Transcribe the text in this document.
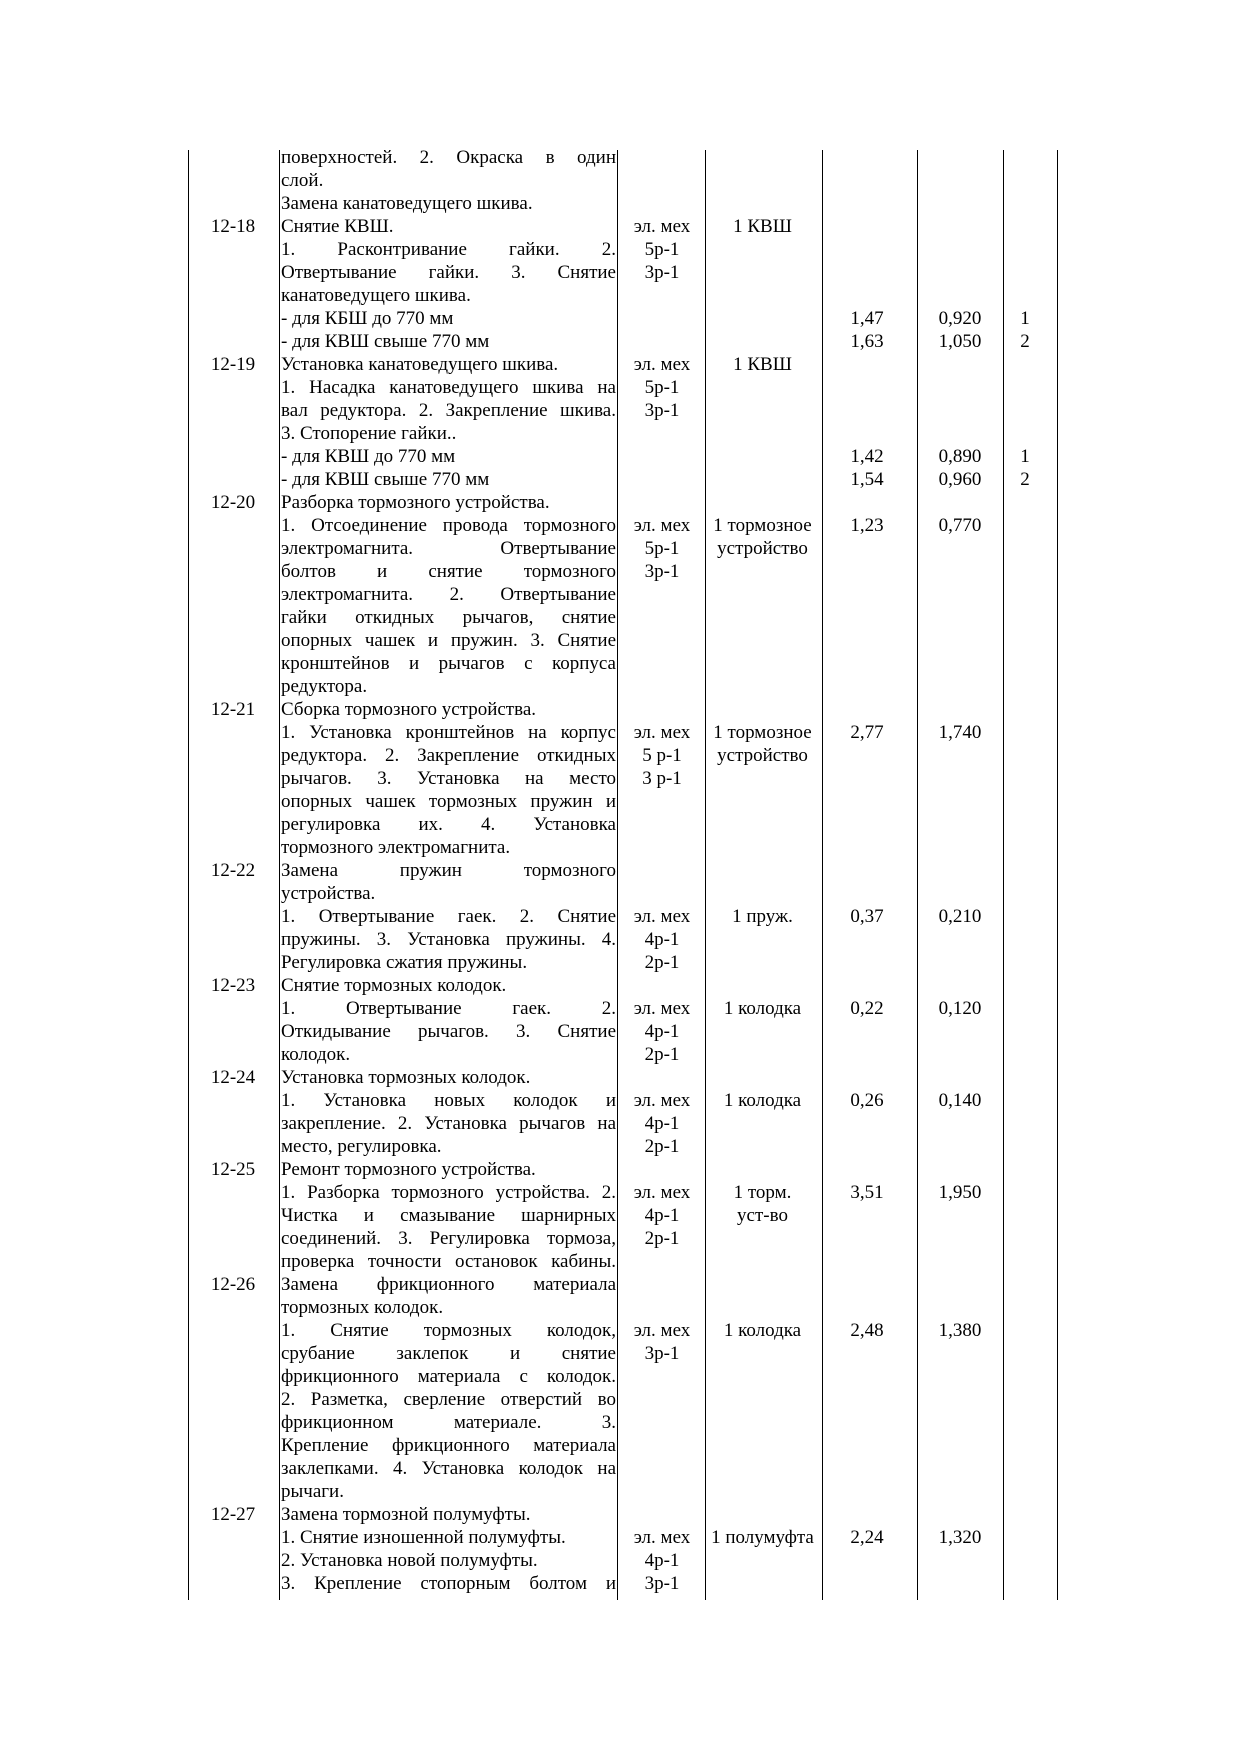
12-18
12-19
12-20
12-21
12-22
12-23
12-24
12-25
12-26
12-27
поверхностей. 2. Окраска в один
слой.
Замена канатоведущего шкива.
Снятие КВШ.
1. Расконтривание гайки. 2.
Отвертывание гайки. 3. Снятие
канатоведущего шкива.
- для КБШ до 770 мм
- для КВШ свыше 770 мм
Установка канатоведущего шкива.
1. Насадка канатоведущего шкива на
вал редуктора. 2. Закрепление шкива.
3. Стопорение гайки..
- для КВШ до 770 мм
- для КВШ свыше 770 мм
Разборка тормозного устройства.
1. Отсоединение провода тормозного
электромагнита. Отвертывание
болтов и снятие тормозного
электромагнита. 2. Отвертывание
гайки откидных рычагов, снятие
опорных чашек и пружин. 3. Снятие
кронштейнов и рычагов с корпуса
редуктора.
Сборка тормозного устройства.
1. Установка кронштейнов на корпус
редуктора. 2. Закрепление откидных
рычагов. 3. Установка на место
опорных чашек тормозных пружин и
регулировка их. 4. Установка
тормозного электромагнита.
Замена пружин тормозного
устройства.
1. Отвертывание гаек. 2. Снятие
пружины. 3. Установка пружины. 4.
Регулировка сжатия пружины.
Снятие тормозных колодок.
1. Отвертывание гаек. 2.
Откидывание рычагов. 3. Снятие
колодок.
Установка тормозных колодок.
1. Установка новых колодок и
закрепление. 2. Установка рычагов на
место, регулировка.
Ремонт тормозного устройства.
1. Разборка тормозного устройства. 2.
Чистка и смазывание шарнирных
соединений. 3. Регулировка тормоза,
проверка точности остановок кабины.
Замена фрикционного материала
тормозных колодок.
1. Снятие тормозных колодок,
срубание заклепок и снятие
фрикционного материала с колодок.
2. Разметка, сверление отверстий во
фрикционном материале. 3.
Крепление фрикционного материала
заклепками. 4. Установка колодок на
рычаги.
Замена тормозной полумуфты.
1. Снятие изношенной полумуфты.
2. Установка новой полумуфты.
3. Крепление стопорным болтом и
эл. мех
5р-1
3р-1
эл. мех
5р-1
3р-1
эл. мех
5р-1
3р-1
эл. мех
5 р-1
3 р-1
эл. мех
4р-1
2р-1
эл. мех
4р-1
2р-1
эл. мех
4р-1
2р-1
эл. мех
4р-1
2р-1
эл. мех
3р-1
эл. мех
4р-1
3р-1
1 КВШ
1 КВШ
1 тормозное
устройство
1 тормозное
устройство
1 пруж.
1 колодка
1 колодка
1 торм.
уст-во
1 колодка
1 полумуфта
1,47
1,63
1,42
1,54
1,23
2,77
0,37
0,22
0,26
3,51
2,48
2,24
0,920
1,050
0,890
0,960
0,770
1,740
0,210
0,120
0,140
1,950
1,380
1,320
1
2
1
2
